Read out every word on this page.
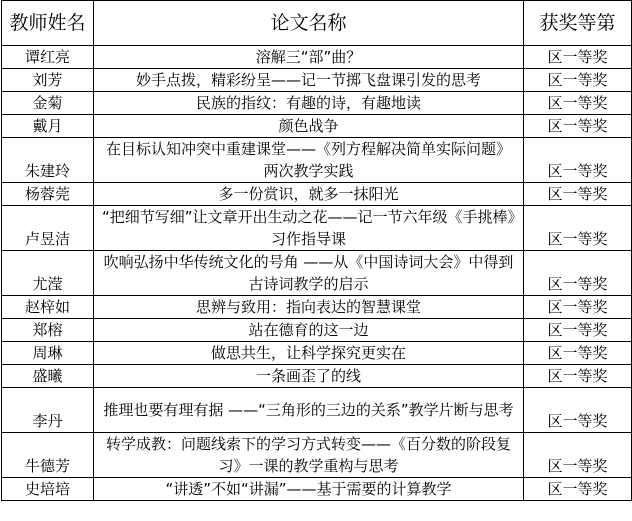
教师姓名	论文名称	获奖等第
谭红亮	溶解三“部”曲？	区一等奖
刘芳	妙手点拨，精彩纷呈——记一节掷飞盘课引发的思考	区一等奖
金菊	民族的指纹：有趣的诗，有趣地读	区一等奖
戴月	颜色战争	区一等奖
朱建玲	在目标认知冲突中重建课堂——《列方程解决简单实际问题》两次教学实践	区一等奖
杨蓉莞	多一份赏识，就多一抹阳光	区一等奖
卢昱洁	“把细节写细”让文章开出生动之花——记一节六年级《手挑棒》习作指导课	区一等奖
尤滢	吹响弘扬中华传统文化的号角 ——从《中国诗词大会》中得到古诗词教学的启示	区一等奖
赵梓如	思辨与致用：指向表达的智慧课堂	区一等奖
郑榕	站在德育的这一边	区一等奖
周琳	做思共生，让科学探究更实在	区一等奖
盛曦	一条画歪了的线	区一等奖
李丹	推理也要有理有据 ——“三角形的三边的关系”教学片断与思考	区一等奖
牛德芳	转学成教：问题线索下的学习方式转变——《百分数的阶段复习》一课的教学重构与思考	区一等奖
史培培	“讲透”不如“讲漏”——基于需要的计算教学	区一等奖
